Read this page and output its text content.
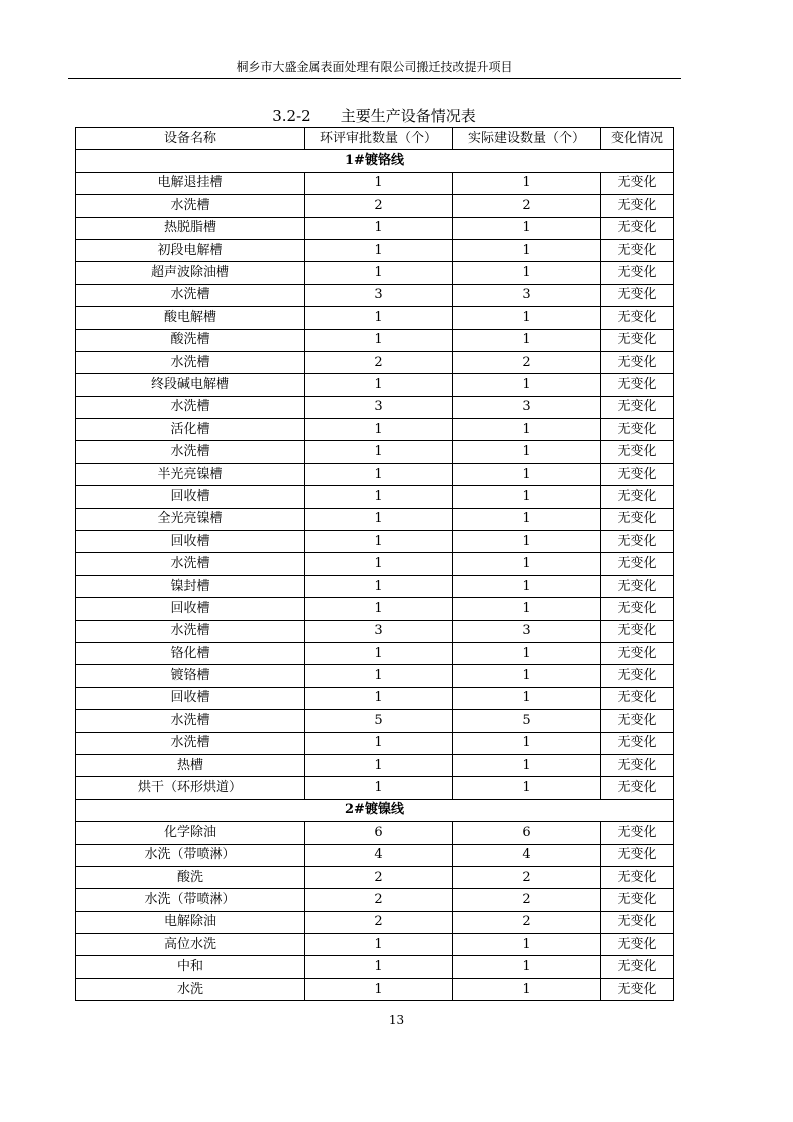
桐乡市大盛金属表面处理有限公司搬迁技改提升项目
3.2-2 主要生产设备情况表
设备名称	环评审批数量（个）	实际建设数量（个）	变化情况
1#镀铬线			
电解退挂槽	1	1	无变化
水洗槽	2	2	无变化
热脱脂槽	1	1	无变化
初段电解槽	1	1	无变化
超声波除油槽	1	1	无变化
水洗槽	3	3	无变化
酸电解槽	1	1	无变化
酸洗槽	1	1	无变化
水洗槽	2	2	无变化
终段碱电解槽	1	1	无变化
水洗槽	3	3	无变化
活化槽	1	1	无变化
水洗槽	1	1	无变化
半光亮镍槽	1	1	无变化
回收槽	1	1	无变化
全光亮镍槽	1	1	无变化
回收槽	1	1	无变化
水洗槽	1	1	无变化
镍封槽	1	1	无变化
回收槽	1	1	无变化
水洗槽	3	3	无变化
铬化槽	1	1	无变化
镀铬槽	1	1	无变化
回收槽	1	1	无变化
水洗槽	5	5	无变化
水洗槽	1	1	无变化
热槽	1	1	无变化
烘干（环形烘道）	1	1	无变化
2#镀镍线			
化学除油	6	6	无变化
水洗（带喷淋）	4	4	无变化
酸洗	2	2	无变化
水洗（带喷淋）	2	2	无变化
电解除油	2	2	无变化
高位水洗	1	1	无变化
中和	1	1	无变化
水洗	1	1	无变化
13
